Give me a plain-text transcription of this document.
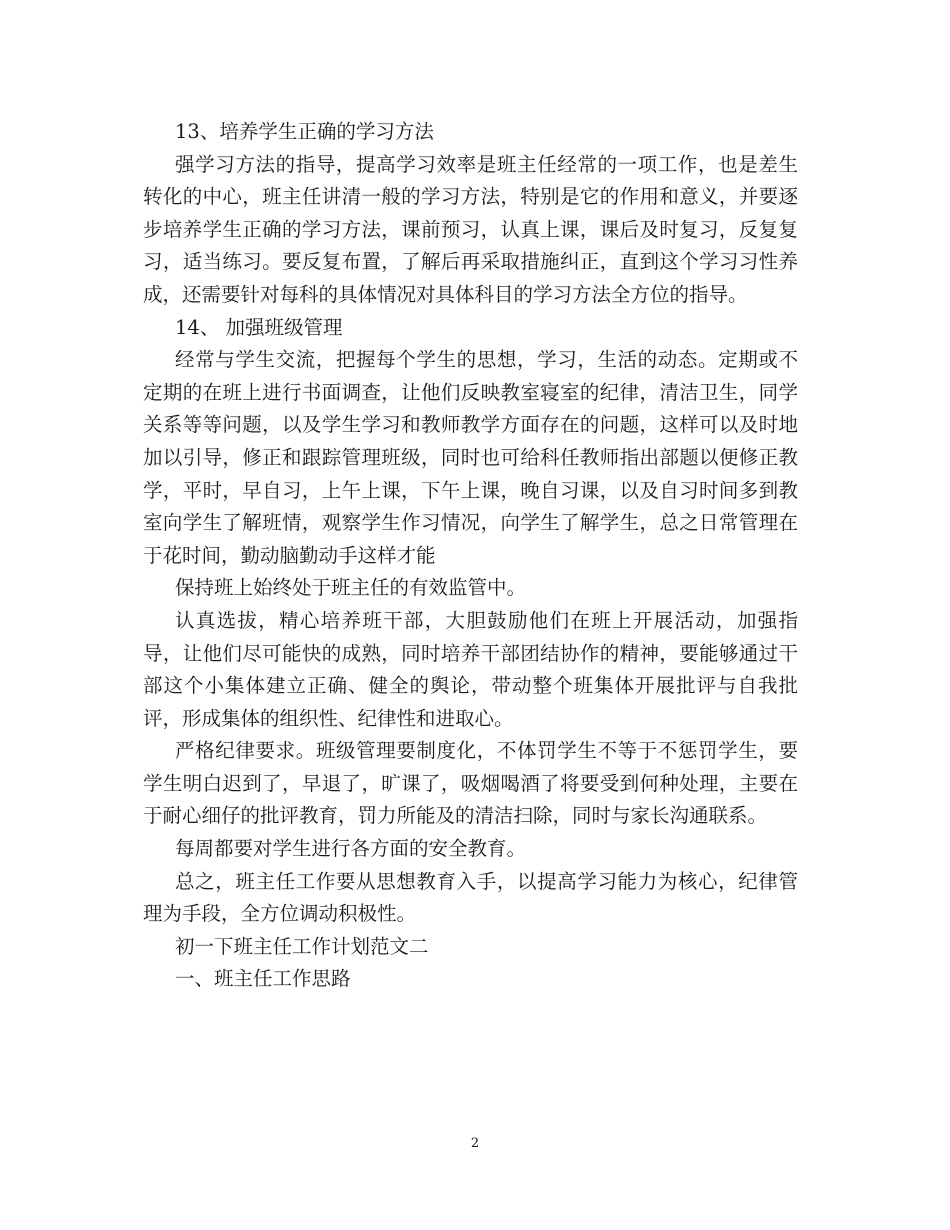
13、培养学生正确的学习方法

强学习方法的指导，提高学习效率是班主任经常的一项工作，也是差生转化的中心，班主任讲清一般的学习方法，特别是它的作用和意义，并要逐步培养学生正确的学习方法，课前预习，认真上课，课后及时复习，反复复习，适当练习。要反复布置，了解后再采取措施纠正，直到这个学习习性养成，还需要针对每科的具体情况对具体科目的学习方法全方位的指导。

14、 加强班级管理

经常与学生交流，把握每个学生的思想，学习，生活的动态。定期或不定期的在班上进行书面调查，让他们反映教室寝室的纪律，清洁卫生，同学关系等等问题，以及学生学习和教师教学方面存在的问题，这样可以及时地加以引导，修正和跟踪管理班级，同时也可给科任教师指出部题以便修正教学，平时，早自习，上午上课，下午上课，晚自习课，以及自习时间多到教室向学生了解班情，观察学生作习情况，向学生了解学生，总之日常管理在于花时间，勤动脑勤动手这样才能

保持班上始终处于班主任的有效监管中。

认真选拔，精心培养班干部，大胆鼓励他们在班上开展活动，加强指导，让他们尽可能快的成熟，同时培养干部团结协作的精神，要能够通过干部这个小集体建立正确、健全的舆论，带动整个班集体开展批评与自我批评，形成集体的组织性、纪律性和进取心。

严格纪律要求。班级管理要制度化，不体罚学生不等于不惩罚学生，要学生明白迟到了，早退了，旷课了，吸烟喝酒了将要受到何种处理，主要在于耐心细仔的批评教育，罚力所能及的清洁扫除，同时与家长沟通联系。

每周都要对学生进行各方面的安全教育。

总之，班主任工作要从思想教育入手，以提高学习能力为核心，纪律管理为手段，全方位调动积极性。

初一下班主任工作计划范文二

一、班主任工作思路

2
